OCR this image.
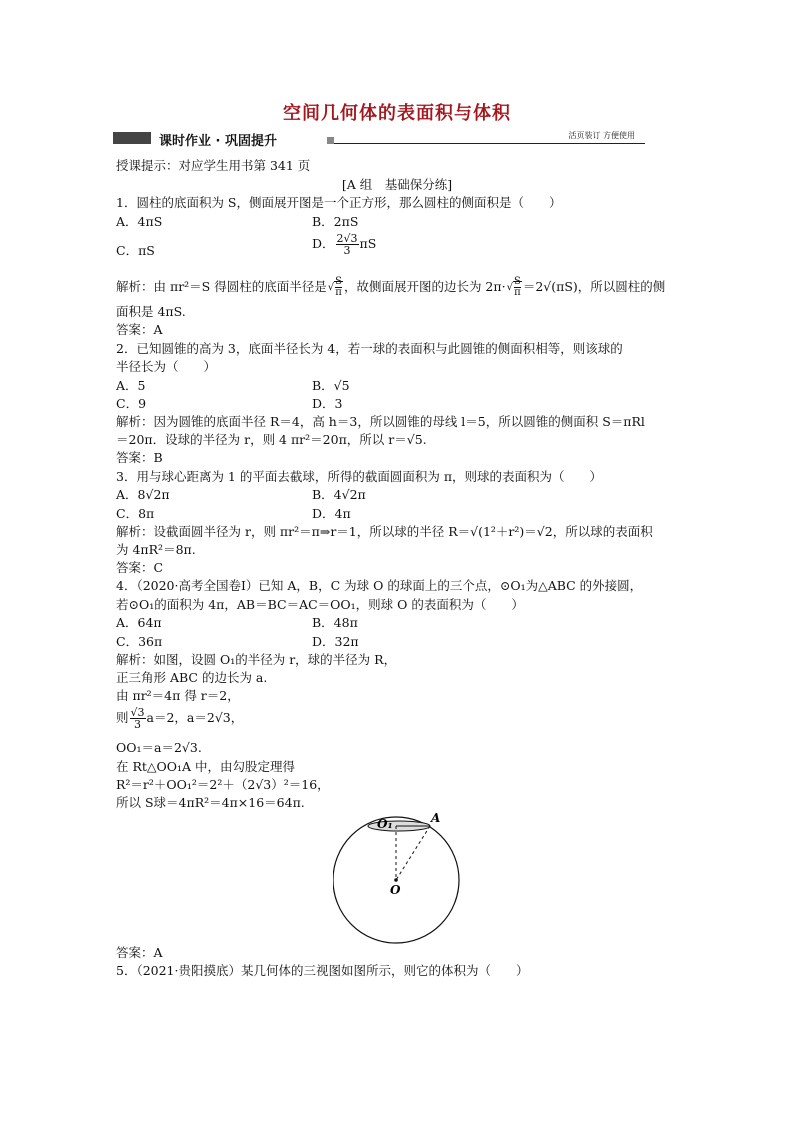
空间几何体的表面积与体积
课时作业 · 巩固提升	活页装订 方便使用
授课提示：对应学生用书第 341 页
[A 组　基础保分练]
1．圆柱的底面积为 S，侧面展开图是一个正方形，那么圆柱的侧面积是（　　）
A．4πS	B．2πS
C．πS	D． $\frac{2√3}{3}$ πS
解析：由 πr²＝S 得圆柱的底面半径是√ $\frac{S}{\pi}$ ，故侧面展开图的边长为 $2\pi\cdot√ \frac{S}{\pi} =2√(\pi S)$，所以圆柱的侧
面积是 4πS.
答案：A
2．已知圆锥的高为 3，底面半径长为 4，若一球的表面积与此圆锥的侧面积相等，则该球的
半径长为（　　）
A．5	B．√5
C．9	D．3
解析：因为圆锥的底面半径 R＝4，高 h＝3，所以圆锥的母线 l＝5，所以圆锥的侧面积 S＝πRl
＝20π．设球的半径为 r，则 4 πr²＝20π，所以 r＝√5.
答案：B
3．用与球心距离为 1 的平面去截球，所得的截面圆面积为 π，则球的表面积为（　　）
A．8√2π	B．4√2π
C．8π	D．4π
解析：设截面圆半径为 r，则 πr²＝π⇒r＝1，所以球的半径 R＝√(1²＋r²)＝√2，所以球的表面积
为 4πR²＝8π.
答案：C
4．（2020·高考全国卷Ⅰ）已知 A，B，C 为球 O 的球面上的三个点，⊙O₁为△ABC 的外接圆，
若⊙O₁的面积为 4π，AB＝BC＝AC＝OO₁，则球 O 的表面积为（　　）
A．64π	B．48π
C．36π	D．32π
解析：如图，设圆 O₁的半径为 r，球的半径为 R，
正三角形 ABC 的边长为 a.
由 πr²＝4π 得 r＝2，
则 $\frac{√3}{3} a=2$，a＝2√3，
OO₁＝a＝2√3.
在 Rt△OO₁A 中，由勾股定理得
R²＝r²＋OO₁²＝2²＋（2√3）²＝16，
所以 S球＝4πR²＝4π×16＝64π.
O₁	A
O
答案：A
5．（2021·贵阳摸底）某几何体的三视图如图所示，则它的体积为（　　）
